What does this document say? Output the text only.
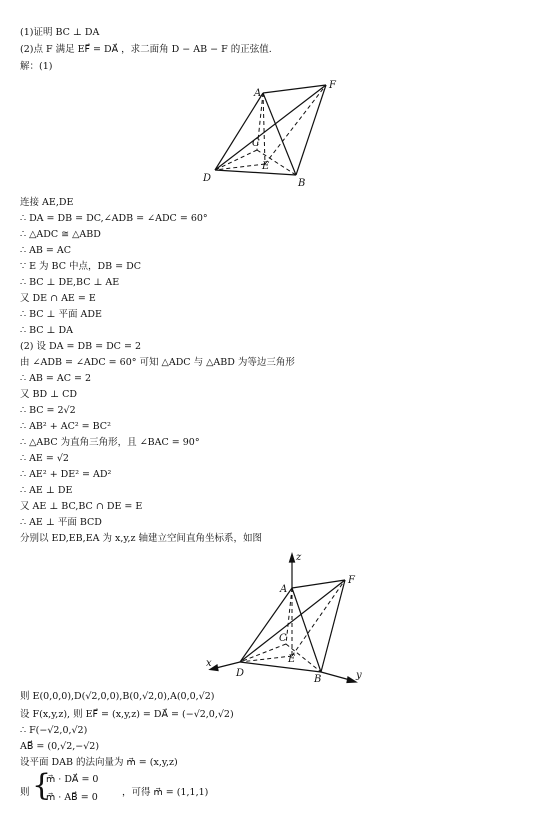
(1)证明 BC ⊥ DA
(2)点 F 满足 EF⃗ = DA⃗ ，求二面角 D − AB − F 的正弦值.
解：(1)
A
F
C
E
D	B
连接 AE,DE
∴ DA = DB = DC,∠ADB = ∠ADC = 60°
∴ △ADC ≅ △ABD
∴ AB = AC
∵ E 为 BC 中点，DB = DC
∴ BC ⊥ DE,BC ⊥ AE
又 DE ∩ AE = E
∴ BC ⊥ 平面 ADE
∴ BC ⊥ DA
(2) 设 DA = DB = DC = 2
由 ∠ADB = ∠ADC = 60° 可知 △ADC 与 △ABD 为等边三角形
∴ AB = AC = 2
又 BD ⊥ CD
∴ BC = 2√2
∴ AB² + AC² = BC²
∴ △ABC 为直角三角形，且 ∠BAC = 90°
∴ AE = √2
∴ AE² + DE² = AD²
∴ AE ⊥ DE
又 AE ⊥ BC,BC ∩ DE = E
∴ AE ⊥ 平面 BCD
分别以 ED,EB,EA 为 x,y,z 轴建立空间直角坐标系，如图
z
A
F
C
x
D
E
B	y
则 E(0,0,0),D(√2,0,0),B(0,√2,0),A(0,0,√2)
设 F(x,y,z), 则 EF⃗ = (x,y,z) = DA⃗ = (−√2,0,√2)
∴ F(−√2,0,√2)
AB⃗ = (0,√2,−√2)
设平面 DAB 的法向量为 m⃗ = (x,y,z)
则 {
m⃗ · DA⃗ = 0
m⃗ · AB⃗ = 0	，可得 m⃗ = (1,1,1)
